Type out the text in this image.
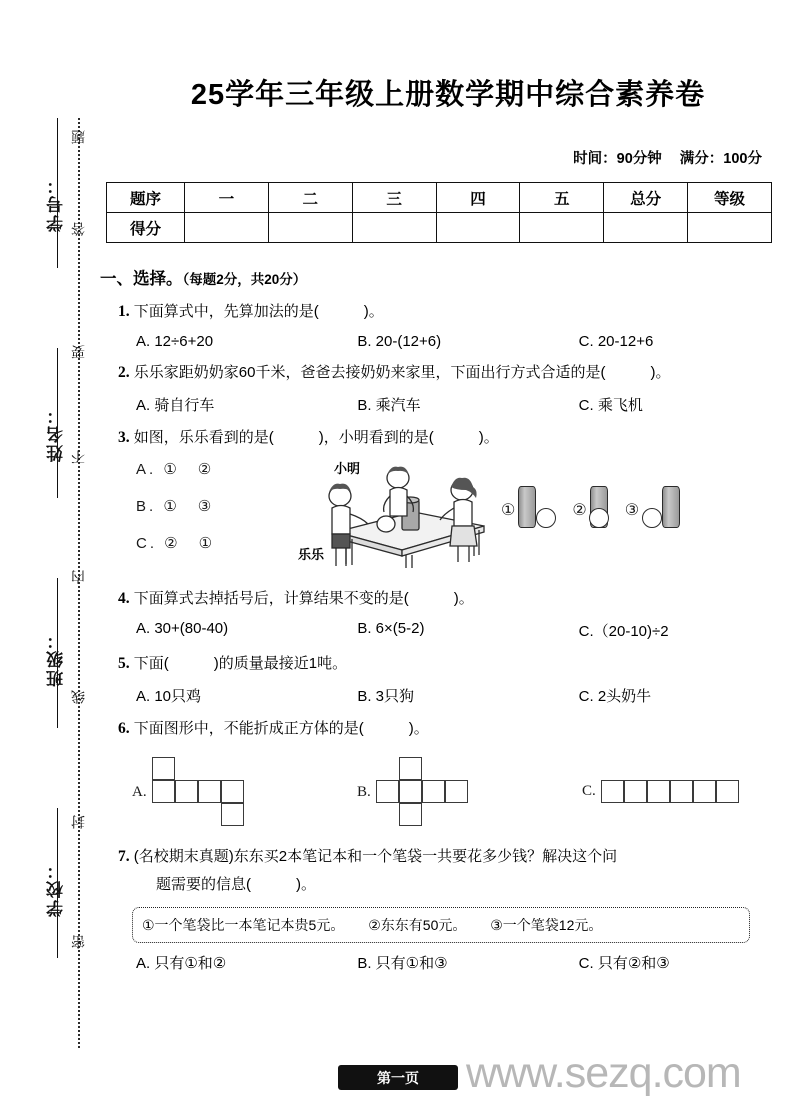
学号：
姓名：
班级：
学校：
题
答
要
不
内
线
封
密
25学年三年级上册数学期中综合素养卷
时间：90分钟 满分：100分
题序	一	二	三	四	五	总分	等级
得分							
一、选择。（每题2分，共20分）
1. 下面算式中，先算加法的是(　　　)。
A. 12÷6+20	B. 20-(12+6)	C. 20-12+6
2. 乐乐家距奶奶家60千米，爸爸去接奶奶来家里，下面出行方式合适的是(　　　)。
A. 骑自行车	B. 乘汽车	C. 乘飞机
3. 如图，乐乐看到的是(　　　)，小明看到的是(　　　)。
A. ①　②
B. ①　③
C. ②　①
小明
乐乐
①	② ③
4. 下面算式去掉括号后，计算结果不变的是(　　　)。
A. 30+(80-40)	B. 6×(5-2)	C.（20-10)÷2
5. 下面(　　　)的质量最接近1吨。
A. 10只鸡	B. 3只狗	C. 2头奶牛
6. 下面图形中，不能折成正方体的是(　　　)。
A.	B.	C.
7. (名校期末真题)东东买2本笔记本和一个笔袋一共要花多少钱？解决这个问
题需要的信息(　　　)。
①一个笔袋比一本笔记本贵5元。 ②东东有50元。 ③一个笔袋12元。
A. 只有①和②	B. 只有①和③	C. 只有②和③
第一页	www.sezq.com
